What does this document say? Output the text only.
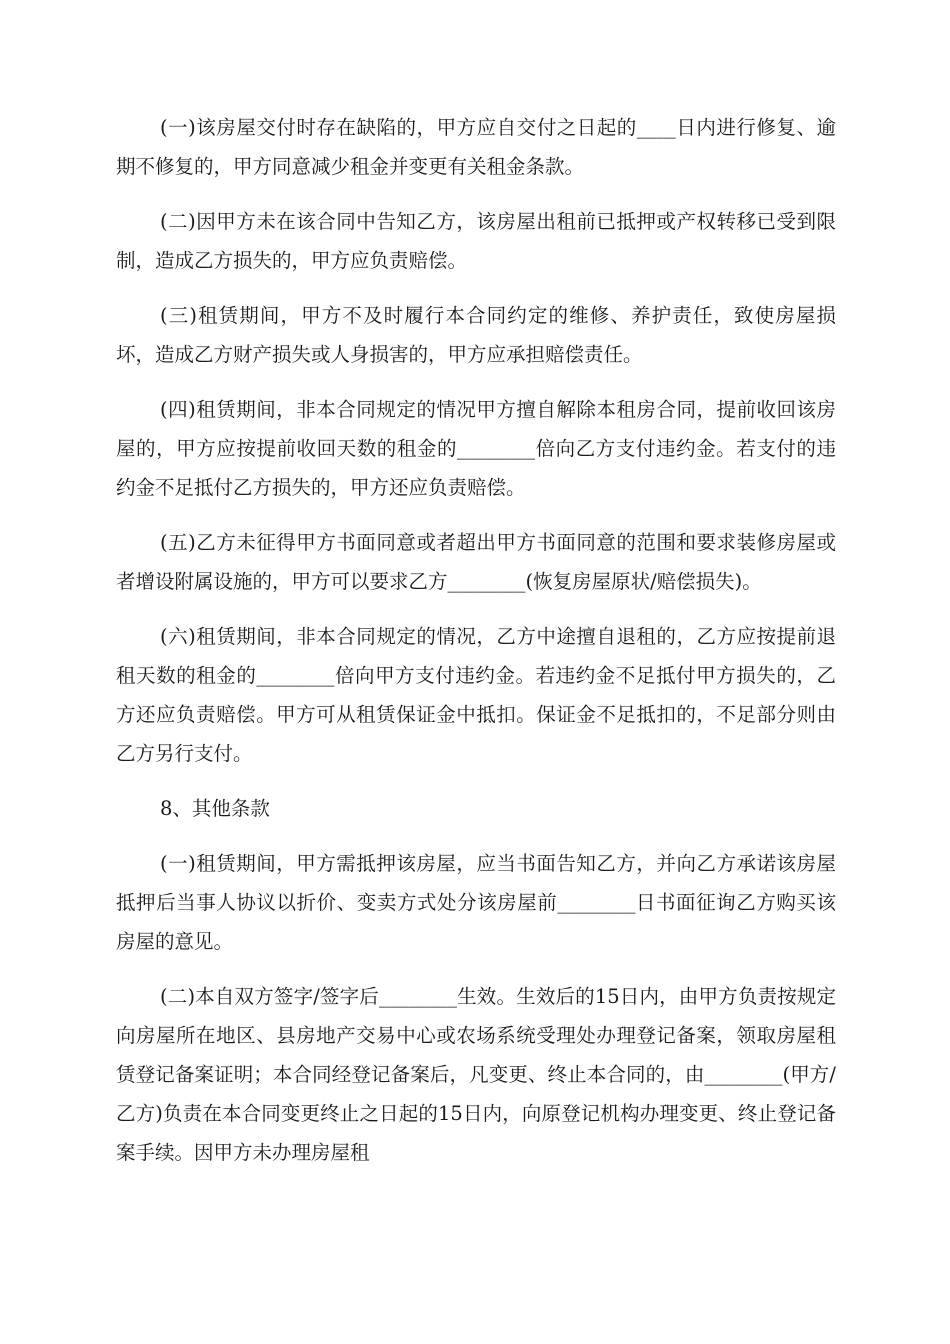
(一)该房屋交付时存在缺陷的，甲方应自交付之日起的____日内进行修复、逾期不修复的，甲方同意减少租金并变更有关租金条款。

(二)因甲方未在该合同中告知乙方，该房屋出租前已抵押或产权转移已受到限制，造成乙方损失的，甲方应负责赔偿。

(三)租赁期间，甲方不及时履行本合同约定的维修、养护责任，致使房屋损坏，造成乙方财产损失或人身损害的，甲方应承担赔偿责任。

(四)租赁期间，非本合同规定的情况甲方擅自解除本租房合同，提前收回该房屋的，甲方应按提前收回天数的租金的________倍向乙方支付违约金。若支付的违约金不足抵付乙方损失的，甲方还应负责赔偿。

(五)乙方未征得甲方书面同意或者超出甲方书面同意的范围和要求装修房屋或者增设附属设施的，甲方可以要求乙方________(恢复房屋原状/赔偿损失)。

(六)租赁期间，非本合同规定的情况，乙方中途擅自退租的，乙方应按提前退租天数的租金的________倍向甲方支付违约金。若违约金不足抵付甲方损失的，乙方还应负责赔偿。甲方可从租赁保证金中抵扣。保证金不足抵扣的，不足部分则由乙方另行支付。

8、其他条款

(一)租赁期间，甲方需抵押该房屋，应当书面告知乙方，并向乙方承诺该房屋抵押后当事人协议以折价、变卖方式处分该房屋前________日书面征询乙方购买该房屋的意见。

(二)本自双方签字/签字后________生效。生效后的15日内，由甲方负责按规定向房屋所在地区、县房地产交易中心或农场系统受理处办理登记备案，领取房屋租赁登记备案证明；本合同经登记备案后，凡变更、终止本合同的，由________(甲方/乙方)负责在本合同变更终止之日起的15日内，向原登记机构办理变更、终止登记备案手续。因甲方未办理房屋租
